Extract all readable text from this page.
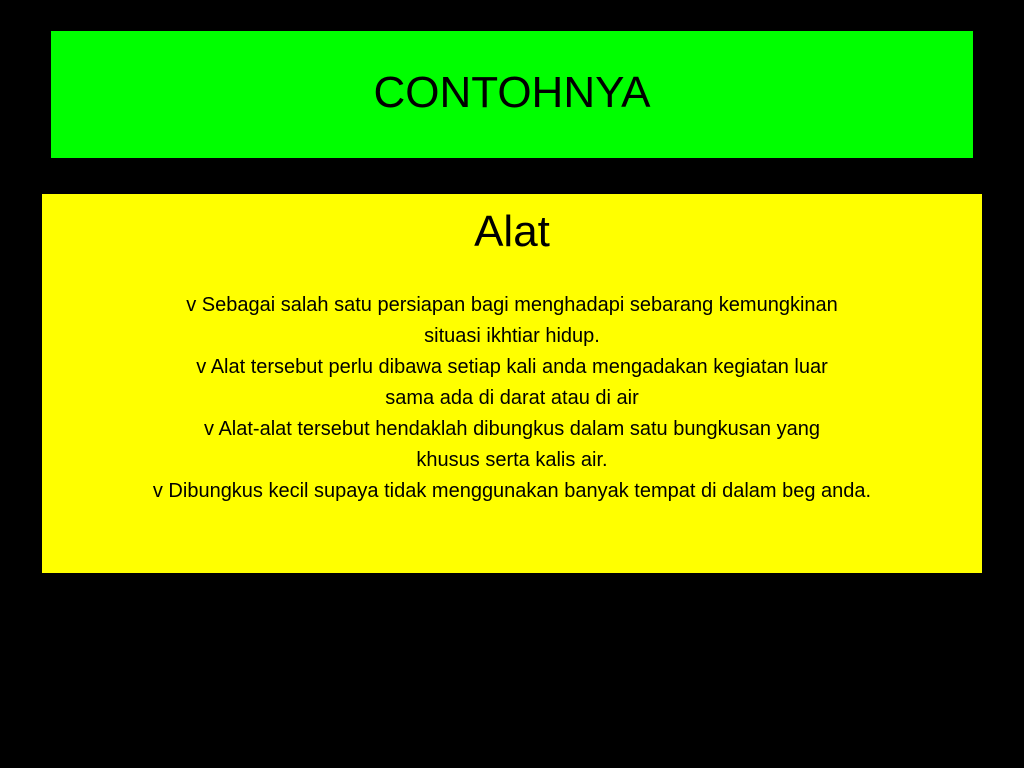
CONTOHNYA
Alat

v Sebagai salah satu persiapan bagi menghadapi sebarang kemungkinan

situasi ikhtiar hidup.

v Alat tersebut perlu dibawa setiap kali anda mengadakan kegiatan luar

sama ada di darat atau di air

v Alat-alat tersebut hendaklah dibungkus dalam satu bungkusan yang

khusus serta kalis air.

v Dibungkus kecil supaya tidak menggunakan banyak tempat di dalam beg anda.
